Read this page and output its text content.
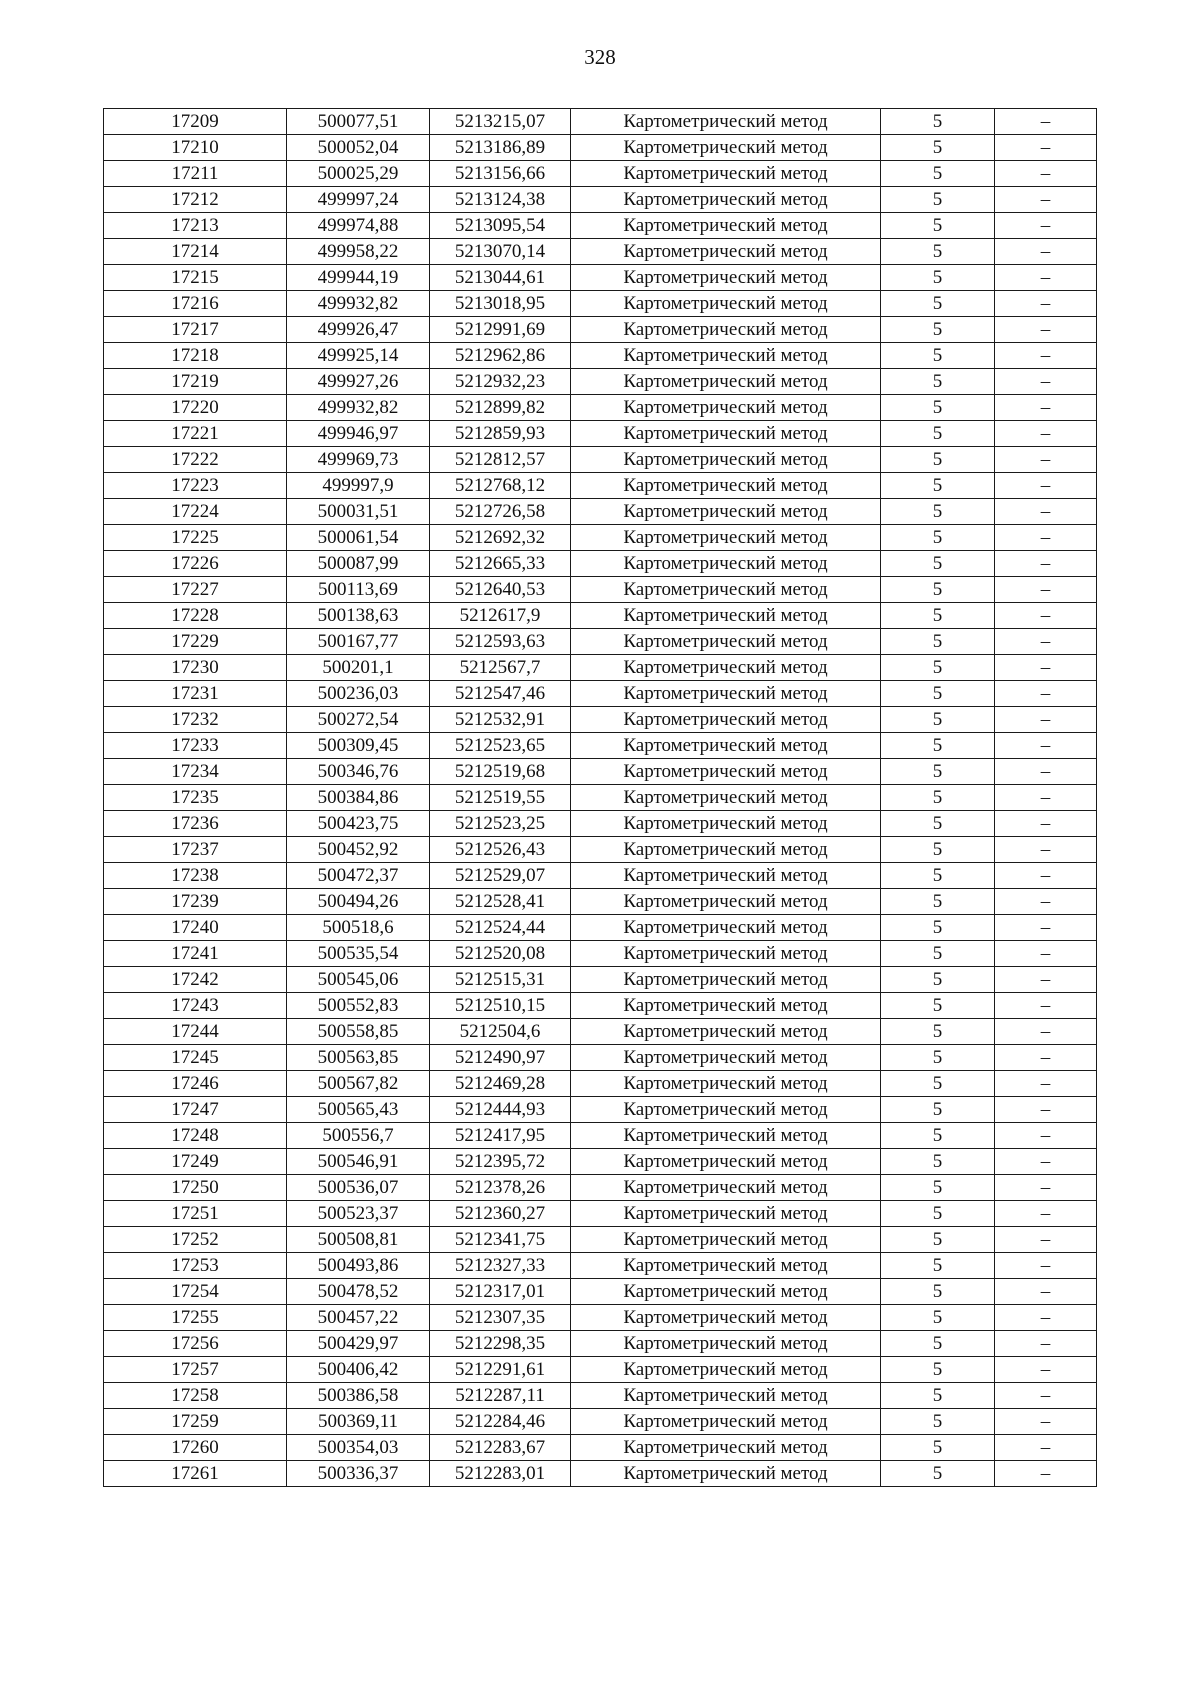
328
17209	500077,51	5213215,07	Картометрический метод	5	–
17210	500052,04	5213186,89	Картометрический метод	5	–
17211	500025,29	5213156,66	Картометрический метод	5	–
17212	499997,24	5213124,38	Картометрический метод	5	–
17213	499974,88	5213095,54	Картометрический метод	5	–
17214	499958,22	5213070,14	Картометрический метод	5	–
17215	499944,19	5213044,61	Картометрический метод	5	–
17216	499932,82	5213018,95	Картометрический метод	5	–
17217	499926,47	5212991,69	Картометрический метод	5	–
17218	499925,14	5212962,86	Картометрический метод	5	–
17219	499927,26	5212932,23	Картометрический метод	5	–
17220	499932,82	5212899,82	Картометрический метод	5	–
17221	499946,97	5212859,93	Картометрический метод	5	–
17222	499969,73	5212812,57	Картометрический метод	5	–
17223	499997,9	5212768,12	Картометрический метод	5	–
17224	500031,51	5212726,58	Картометрический метод	5	–
17225	500061,54	5212692,32	Картометрический метод	5	–
17226	500087,99	5212665,33	Картометрический метод	5	–
17227	500113,69	5212640,53	Картометрический метод	5	–
17228	500138,63	5212617,9	Картометрический метод	5	–
17229	500167,77	5212593,63	Картометрический метод	5	–
17230	500201,1	5212567,7	Картометрический метод	5	–
17231	500236,03	5212547,46	Картометрический метод	5	–
17232	500272,54	5212532,91	Картометрический метод	5	–
17233	500309,45	5212523,65	Картометрический метод	5	–
17234	500346,76	5212519,68	Картометрический метод	5	–
17235	500384,86	5212519,55	Картометрический метод	5	–
17236	500423,75	5212523,25	Картометрический метод	5	–
17237	500452,92	5212526,43	Картометрический метод	5	–
17238	500472,37	5212529,07	Картометрический метод	5	–
17239	500494,26	5212528,41	Картометрический метод	5	–
17240	500518,6	5212524,44	Картометрический метод	5	–
17241	500535,54	5212520,08	Картометрический метод	5	–
17242	500545,06	5212515,31	Картометрический метод	5	–
17243	500552,83	5212510,15	Картометрический метод	5	–
17244	500558,85	5212504,6	Картометрический метод	5	–
17245	500563,85	5212490,97	Картометрический метод	5	–
17246	500567,82	5212469,28	Картометрический метод	5	–
17247	500565,43	5212444,93	Картометрический метод	5	–
17248	500556,7	5212417,95	Картометрический метод	5	–
17249	500546,91	5212395,72	Картометрический метод	5	–
17250	500536,07	5212378,26	Картометрический метод	5	–
17251	500523,37	5212360,27	Картометрический метод	5	–
17252	500508,81	5212341,75	Картометрический метод	5	–
17253	500493,86	5212327,33	Картометрический метод	5	–
17254	500478,52	5212317,01	Картометрический метод	5	–
17255	500457,22	5212307,35	Картометрический метод	5	–
17256	500429,97	5212298,35	Картометрический метод	5	–
17257	500406,42	5212291,61	Картометрический метод	5	–
17258	500386,58	5212287,11	Картометрический метод	5	–
17259	500369,11	5212284,46	Картометрический метод	5	–
17260	500354,03	5212283,67	Картометрический метод	5	–
17261	500336,37	5212283,01	Картометрический метод	5	–
